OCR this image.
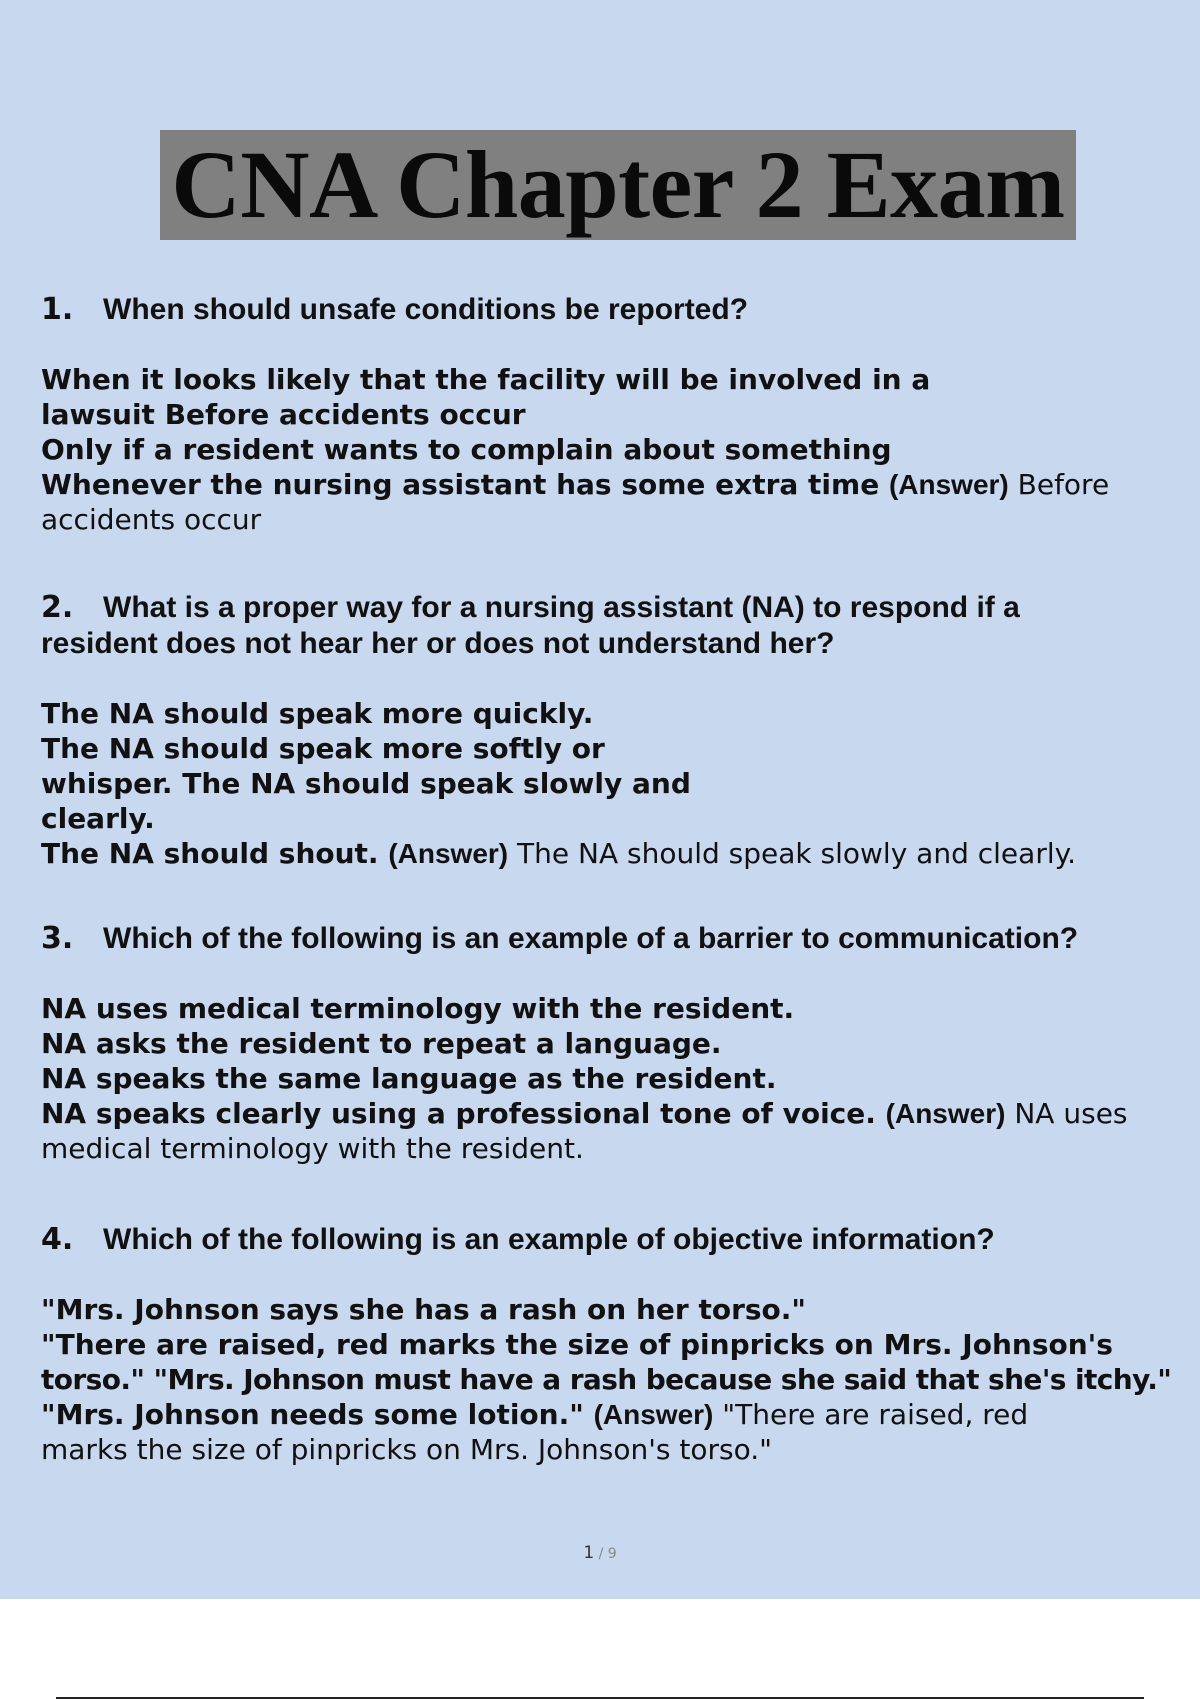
CNA Chapter 2 Exam

1. When should unsafe conditions be reported?

When it looks likely that the facility will be involved in a
lawsuit Before accidents occur
Only if a resident wants to complain about something
Whenever the nursing assistant has some extra time (Answer) Before
accidents occur

2. What is a proper way for a nursing assistant (NA) to respond if a
resident does not hear her or does not understand her?

The NA should speak more quickly.
The NA should speak more softly or
whisper. The NA should speak slowly and
clearly.
The NA should shout. (Answer) The NA should speak slowly and clearly.

3. Which of the following is an example of a barrier to communication?

NA uses medical terminology with the resident.
NA asks the resident to repeat a language.
NA speaks the same language as the resident.
NA speaks clearly using a professional tone of voice. (Answer) NA uses
medical terminology with the resident.

4. Which of the following is an example of objective information?

"Mrs. Johnson says she has a rash on her torso."
"There are raised, red marks the size of pinpricks on Mrs. Johnson's
torso." "Mrs. Johnson must have a rash because she said that she's itchy."
"Mrs. Johnson needs some lotion." (Answer) "There are raised, red
marks the size of pinpricks on Mrs. Johnson's torso."
1 / 9
